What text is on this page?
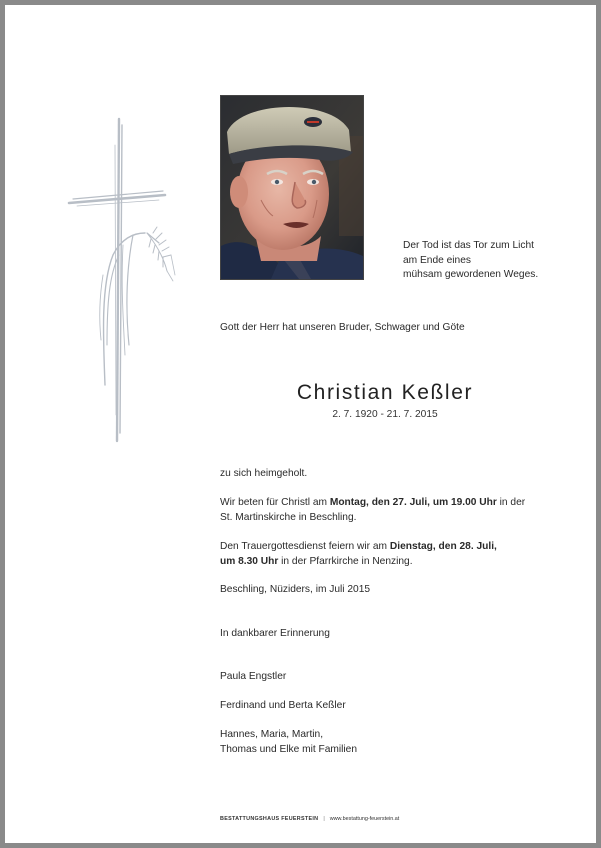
Der Tod ist das Tor zum Licht
am Ende eines
mühsam gewordenen Weges.
Gott der Herr hat unseren Bruder, Schwager und Göte
Christian Keßler
2. 7. 1920 - 21. 7. 2015
zu sich heimgeholt.
Wir beten für Christl am Montag, den 27. Juli, um 19.00 Uhr in der
St. Martinskirche in Beschling.
Den Trauergottesdienst feiern wir am Dienstag, den 28. Juli,
um 8.30 Uhr in der Pfarrkirche in Nenzing.
Beschling, Nüziders, im Juli 2015
In dankbarer Erinnerung
Paula Engstler
Ferdinand und Berta Keßler
Hannes, Maria, Martin,
Thomas und Elke mit Familien
BESTATTUNGSHAUS FEUERSTEIN | www.bestattung-feuerstein.at
